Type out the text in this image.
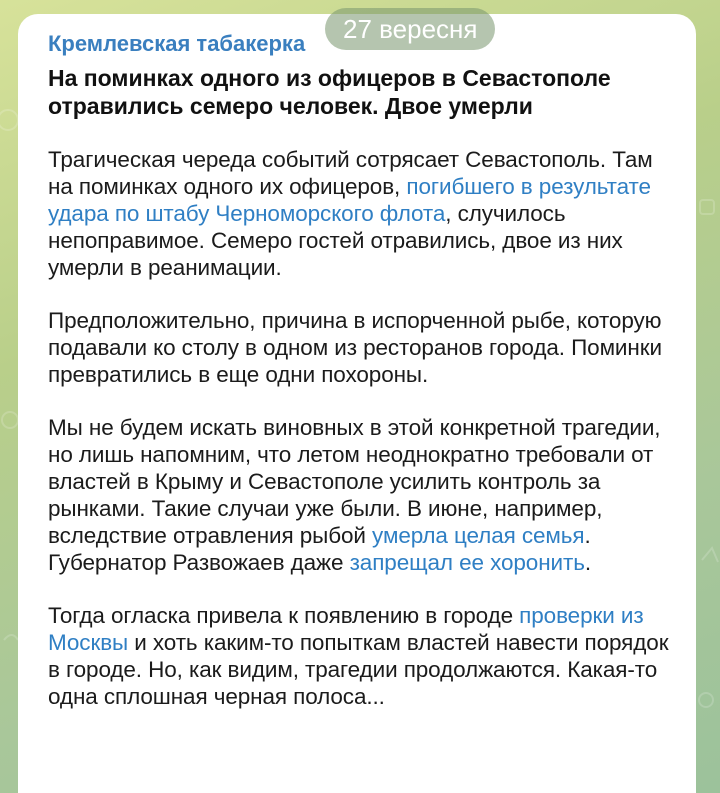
Кремлевская табакерка
На поминках одного из офицеров в Севастополе отравились семеро человек. Двое умерли
Трагическая череда событий сотрясает Севастополь. Там на поминках одного их офицеров, погибшего в результате удара по штабу Черноморского флота, случилось непоправимое. Семеро гостей отравились, двое из них умерли в реанимации.
Предположительно, причина в испорченной рыбе, которую подавали ко столу в одном из ресторанов города. Поминки превратились в еще одни похороны.
Мы не будем искать виновных в этой конкретной трагедии, но лишь напомним, что летом неоднократно требовали от властей в Крыму и Севастополе усилить контроль за рынками. Такие случаи уже были. В июне, например, вследствие отравления рыбой умерла целая семья. Губернатор Развожаев даже запрещал ее хоронить.
Тогда огласка привела к появлению в городе проверки из Москвы и хоть каким-то попыткам властей навести порядок в городе. Но, как видим, трагедии продолжаются. Какая-то одна сплошная черная полоса...
27 вересня
